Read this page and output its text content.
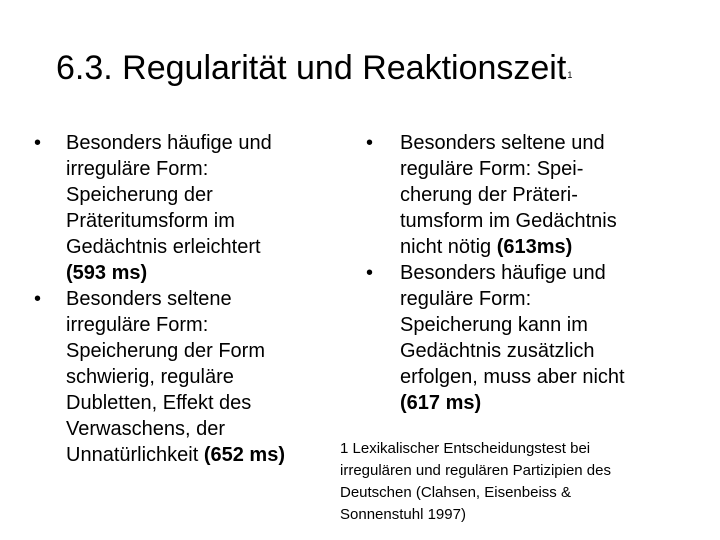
6.3. Regularität und Reaktionszeit$^1$
• Besonders häufige und
irreguläre Form:
Speicherung der
Präteritumsform im
Gedächtnis erleichtert
(593 ms)
• Besonders seltene
irreguläre Form:
Speicherung der Form
schwierig, reguläre
Dubletten, Effekt des
Verwaschens, der
Unnatürlichkeit (652 ms)
• Besonders seltene und
reguläre Form: Spei-
cherung der Präteri-
tumsform im Gedächtnis
nicht nötig (613ms)
• Besonders häufige und
reguläre Form:
Speicherung kann im
Gedächtnis zusätzlich
erfolgen, muss aber nicht
(617 ms)
1 Lexikalischer Entscheidungstest bei
irregulären und regulären Partizipien des
Deutschen (Clahsen, Eisenbeiss &
Sonnenstuhl 1997)
